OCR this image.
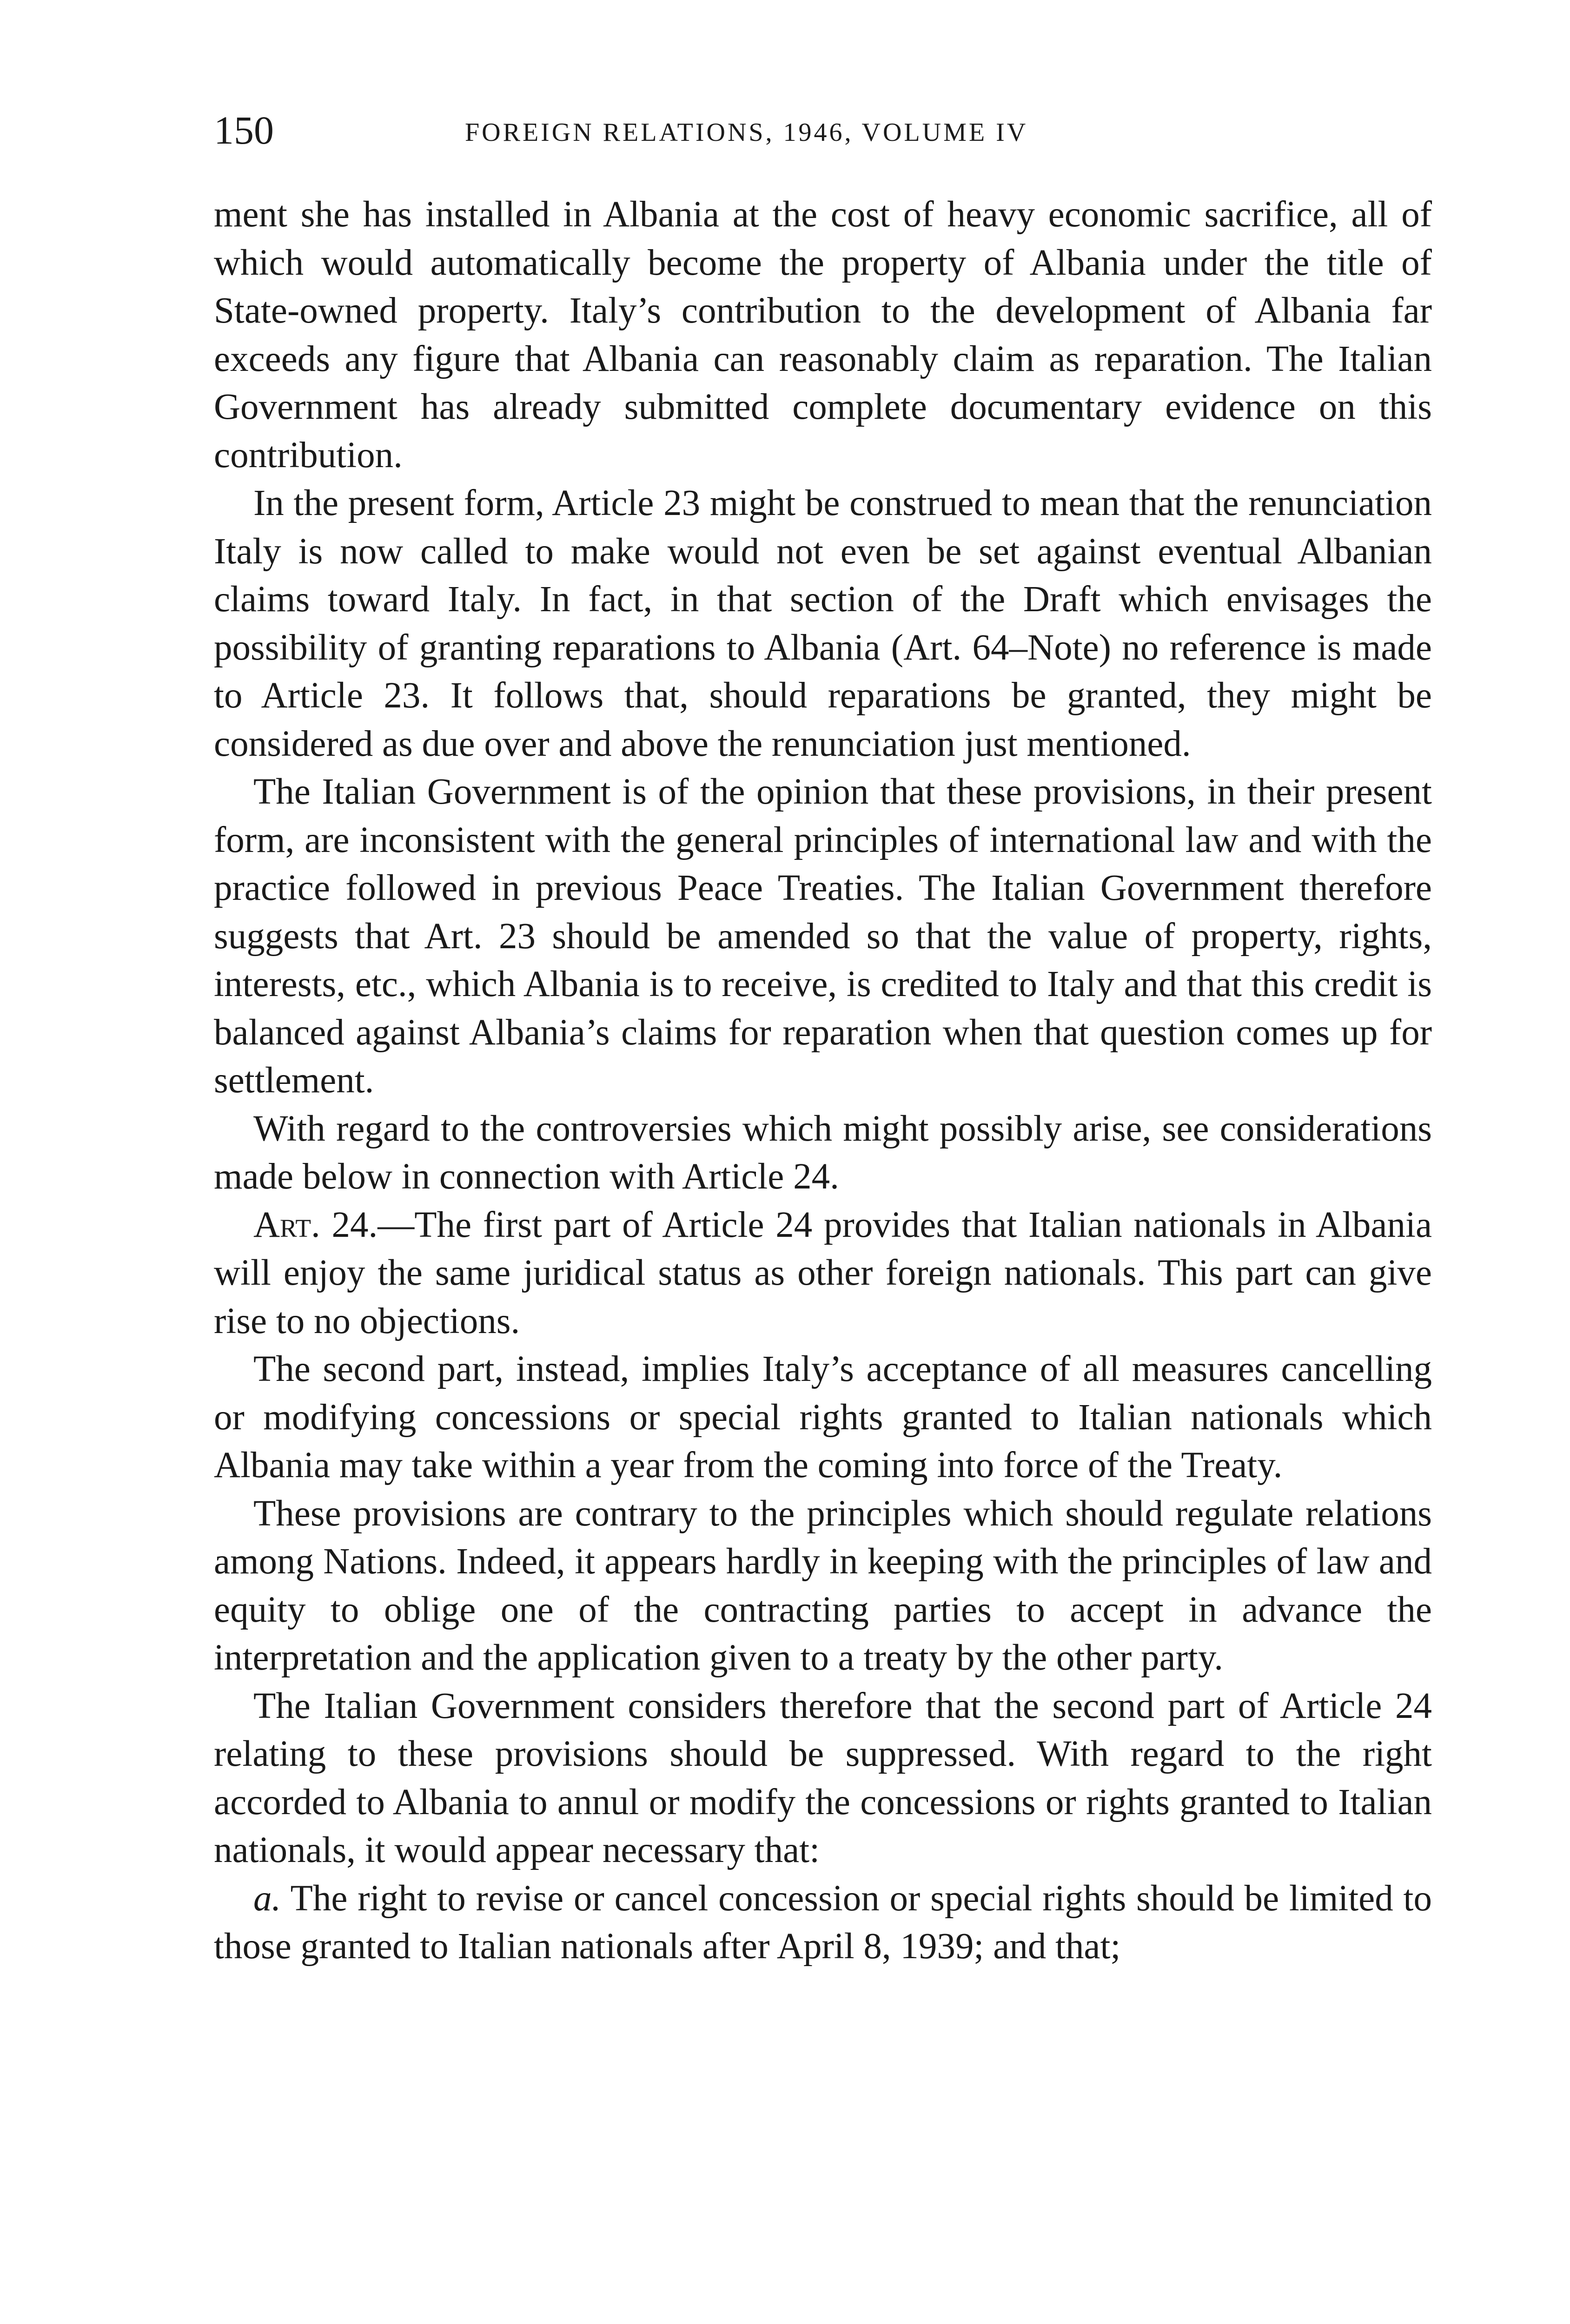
150	FOREIGN RELATIONS, 1946, VOLUME IV

ment she has installed in Albania at the cost of heavy economic sacrifice, all of which would automatically become the property of Albania under the title of State-owned property. Italy’s contribution to the development of Albania far exceeds any figure that Albania can reasonably claim as reparation. The Italian Government has already submitted complete documentary evidence on this contribution.

In the present form, Article 23 might be construed to mean that the renunciation Italy is now called to make would not even be set against eventual Albanian claims toward Italy. In fact, in that section of the Draft which envisages the possibility of granting reparations to Albania (Art. 64–Note) no reference is made to Article 23. It follows that, should reparations be granted, they might be considered as due over and above the renunciation just mentioned.

The Italian Government is of the opinion that these provisions, in their present form, are inconsistent with the general principles of international law and with the practice followed in previous Peace Treaties. The Italian Government therefore suggests that Art. 23 should be amended so that the value of property, rights, interests, etc., which Albania is to receive, is credited to Italy and that this credit is balanced against Albania’s claims for reparation when that question comes up for settlement.

With regard to the controversies which might possibly arise, see considerations made below in connection with Article 24.

Art. 24.—The first part of Article 24 provides that Italian nationals in Albania will enjoy the same juridical status as other foreign nationals. This part can give rise to no objections.

The second part, instead, implies Italy’s acceptance of all measures cancelling or modifying concessions or special rights granted to Italian nationals which Albania may take within a year from the coming into force of the Treaty.

These provisions are contrary to the principles which should regulate relations among Nations. Indeed, it appears hardly in keeping with the principles of law and equity to oblige one of the contracting parties to accept in advance the interpretation and the application given to a treaty by the other party.

The Italian Government considers therefore that the second part of Article 24 relating to these provisions should be suppressed. With regard to the right accorded to Albania to annul or modify the concessions or rights granted to Italian nationals, it would appear necessary that:

a. The right to revise or cancel concession or special rights should be limited to those granted to Italian nationals after April 8, 1939; and that;
